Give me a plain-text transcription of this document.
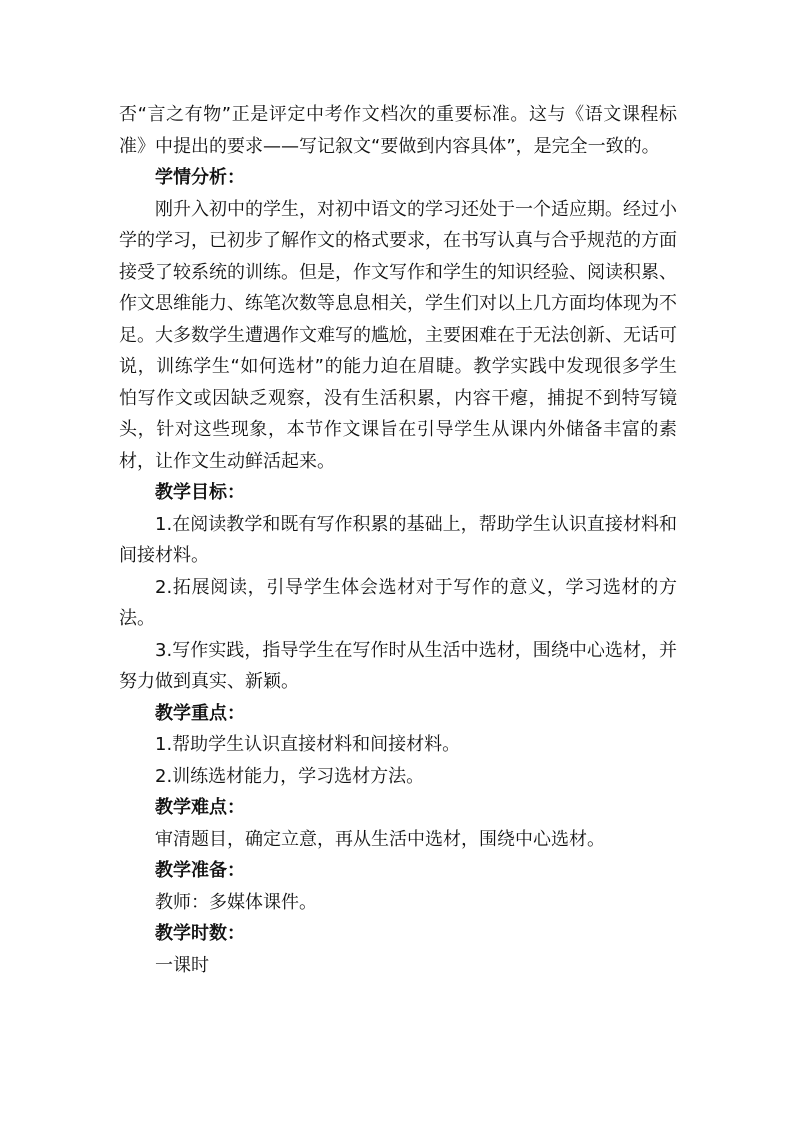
否“言之有物”正是评定中考作文档次的重要标准。这与《语文课程标准》中提出的要求——写记叙文“要做到内容具体”，是完全一致的。

学情分析：

刚升入初中的学生，对初中语文的学习还处于一个适应期。经过小学的学习，已初步了解作文的格式要求，在书写认真与合乎规范的方面接受了较系统的训练。但是，作文写作和学生的知识经验、阅读积累、作文思维能力、练笔次数等息息相关，学生们对以上几方面均体现为不足。大多数学生遭遇作文难写的尴尬，主要困难在于无法创新、无话可说，训练学生“如何选材”的能力迫在眉睫。教学实践中发现很多学生怕写作文或因缺乏观察，没有生活积累，内容干瘪，捕捉不到特写镜头，针对这些现象，本节作文课旨在引导学生从课内外储备丰富的素材，让作文生动鲜活起来。

教学目标：

1.在阅读教学和既有写作积累的基础上，帮助学生认识直接材料和间接材料。

2.拓展阅读，引导学生体会选材对于写作的意义，学习选材的方法。

3.写作实践，指导学生在写作时从生活中选材，围绕中心选材，并努力做到真实、新颖。

教学重点：

1.帮助学生认识直接材料和间接材料。

2.训练选材能力，学习选材方法。

教学难点：

审清题目，确定立意，再从生活中选材，围绕中心选材。

教学准备：

教师：多媒体课件。

教学时数：

一课时
